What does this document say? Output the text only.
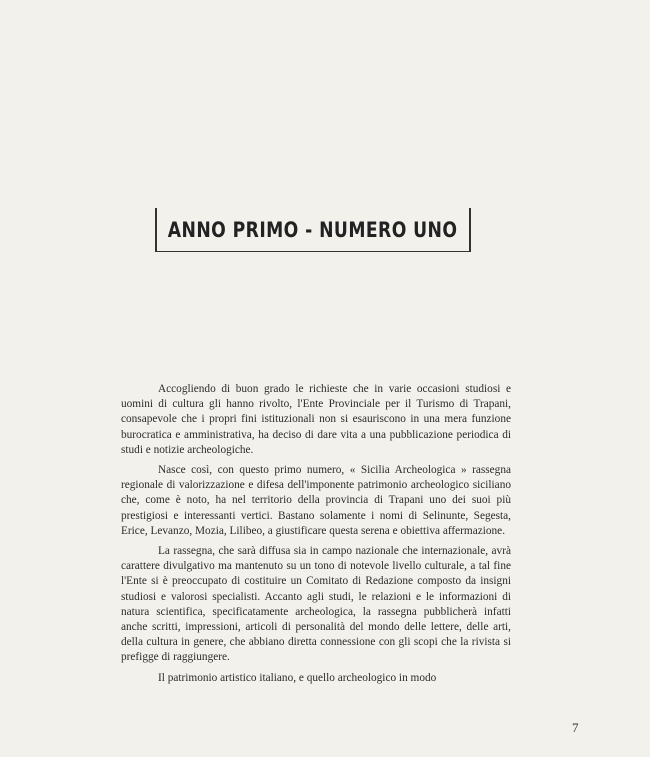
ANNO PRIMO - NUMERO UNO

Accogliendo di buon grado le richieste che in varie occasioni studiosi e uomini di cultura gli hanno rivolto, l'Ente Provinciale per il Turismo di Trapani, consapevole che i propri fini istituzionali non si esauriscono in una mera funzione burocratica e amministrativa, ha deciso di dare vita a una pubblicazione periodica di studi e notizie archeologiche.

Nasce così, con questo primo numero, « Sicilia Archeologica » rassegna regionale di valorizzazione e difesa dell'imponente patrimonio archeologico siciliano che, come è noto, ha nel territorio della provincia di Trapani uno dei suoi più prestigiosi e interessanti vertici. Bastano solamente i nomi di Selinunte, Segesta, Erice, Levanzo, Mozia, Lilibeo, a giustificare questa serena e obiettiva affermazione.

La rassegna, che sarà diffusa sia in campo nazionale che internazionale, avrà carattere divulgativo ma mantenuto su un tono di notevole livello culturale, a tal fine l'Ente si è preoccupato di costituire un Comitato di Redazione composto da insigni studiosi e valorosi specialisti. Accanto agli studi, le relazioni e le informazioni di natura scientifica, specificatamente archeologica, la rassegna pubblicherà infatti anche scritti, impressioni, articoli di personalità del mondo delle lettere, delle arti, della cultura in genere, che abbiano diretta connessione con gli scopi che la rivista si prefigge di raggiungere.

Il patrimonio artistico italiano, e quello archeologico in modo

7
